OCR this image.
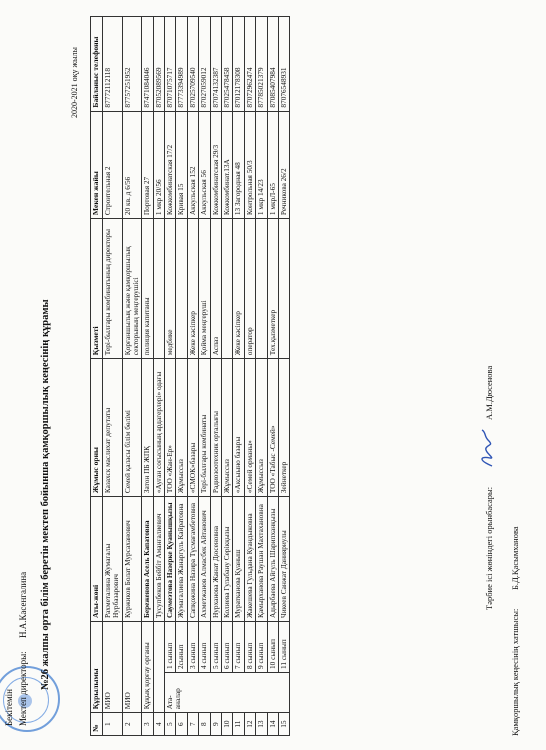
Бекітемін Мектеп директоры:
Н.А.Касенгалина №26 жалпы орта білім беретін мектеп бойынша қамқоршылық кеңесінің құрамы
2020-2021 оқу жылы
№	Құрылымы		Аты-жөні	Жұмыс орны	Қызметі	Мекен жайы	Байланыс телефоны
1	МИО		Рахметалина Жумагалы Нурбазарович	Казахск маслихат депутаты	Тері-былғары комбинатының директоры	Строительная 2	87772112118
2	МИО		Куржиков Болат Мурсаханович	Семей қаласы білім бөлімі	Қорғаншылық және қамқоршылық секторының меңгерушісі	20 кв. д 6/56	87757251952
3	Құқық қорғау органы		Береженова Асель Капатовна	Затон ПБ ЖПҚ	полиция капитаны	Портовая 27	87471084046
4			Тусупбеков Бейбіт Аманғалиевич	«Ауған соғысының ардагерлері» одағы		1 мкр 20/56	87052089569
5	Ата-аналар	1 сынып	Саумеэтова Назерке Қуанышқызы	ТОО «Жан-Ер»	медбике	Кожкомбинатская 17/2	87071075717
6		2сынып	Жумагалиева Жанаргуль Кайратовна	Жұмыссыз		Кривая 15	87773394989
7		3 сынып	Сапқожина Назира Түсмағамбетовна	«СМОК»базары	Жеке кәсіпкер	Аккульская 152	87025709540
8		4 сынып	Ахметжанов Алмасбек Айтанович	Тері-былғары комбинаты	Қойма меңгеруші	Аккульская 56	87027059012
9		5 сынып	Нурханова Жанат Дюсеновна	Радиозоотехник орталығы	Аспаз	Кожкомбинатская 29/3	87074132387
10		6 сынып	Колиева Гулабану Серікқызы	Жұмыссыз		Кожкомбинат.13А	87025478458
11		7 сынып	Муратканова Қуаныш	«Аксыыно базары	Жеке кәсіпкер	13 Загородная 48	87012178308
12		8 сынып	Жакешева Гульдана Куандыковна	«Семей орманы»	оператор	Контрольная 50/3	87072962474
13		9 сынып	Қамырханова Раушан Махтахановна	Жұмыссыз		1 мкр 14/23	87785021379
14		10 сынып	Адырбаева Айгуль Шарипханқызы	ТОО «Табыс -Семей»	Тех.қызметкер	1 мкрЛ-65	87085407984
15		11 сынып	Чикеев Санжат Данияриулы	Зейнеткер		Речникова 26/2	87076548931
Қамқоршылық кеңесінің хатшысы:
Б.Д.Қасымханова
Тәрбие ісі жөніндегі орынбасары:
А.М.Дюсенова
